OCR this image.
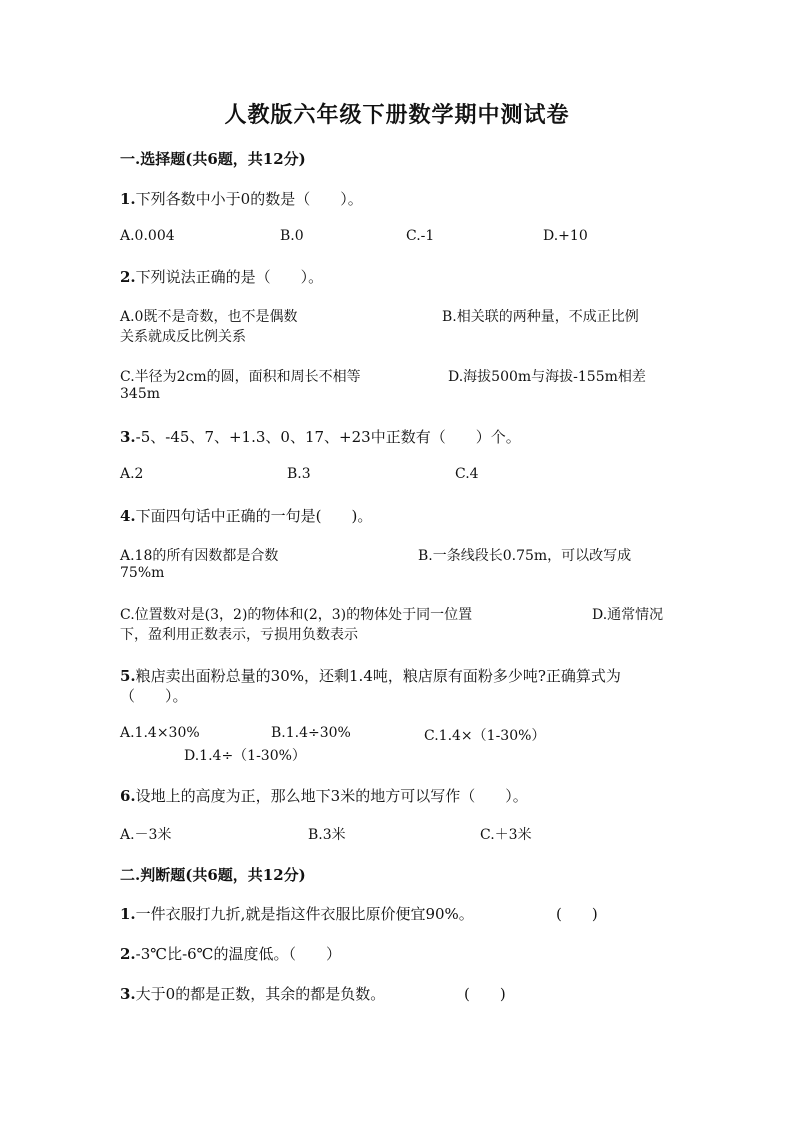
人教版六年级下册数学期中测试卷
一.选择题(共6题，共12分)
1.下列各数中小于0的数是（　　）。
A.0.004	B.0	C.-1	D.+10
2.下列说法正确的是（　　）。
A.0既不是奇数，也不是偶数	B.相关联的两种量，不成正比例
关系就成反比例关系
C.半径为2cm的圆，面积和周长不相等	D.海拔500m与海拔-155m相差
345m
3.-5、-45、7、+1.3、0、17、+23中正数有（　　）个。
A.2	B.3	C.4
4.下面四句话中正确的一句是(　　)。
A.18的所有因数都是合数	B.一条线段长0.75m，可以改写成
75%m
C.位置数对是(3，2)的物体和(2，3)的物体处于同一位置	D.通常情况
下，盈利用正数表示，亏损用负数表示
5.粮店卖出面粉总量的30%，还剩1.4吨，粮店原有面粉多少吨?正确算式为
（　　）。
A.1.4×30%	B.1.4÷30%	C.1.4×（1-30%）
D.1.4÷（1-30%）
6.设地上的高度为正，那么地下3米的地方可以写作（　　）。
A.－3米	B.3米	C.＋3米
二.判断题(共6题，共12分)
1.一件衣服打九折,就是指这件衣服比原价便宜90%。	(　　)
2.-3℃比-6℃的温度低。（　　）
3.大于0的都是正数，其余的都是负数。	(　　)
